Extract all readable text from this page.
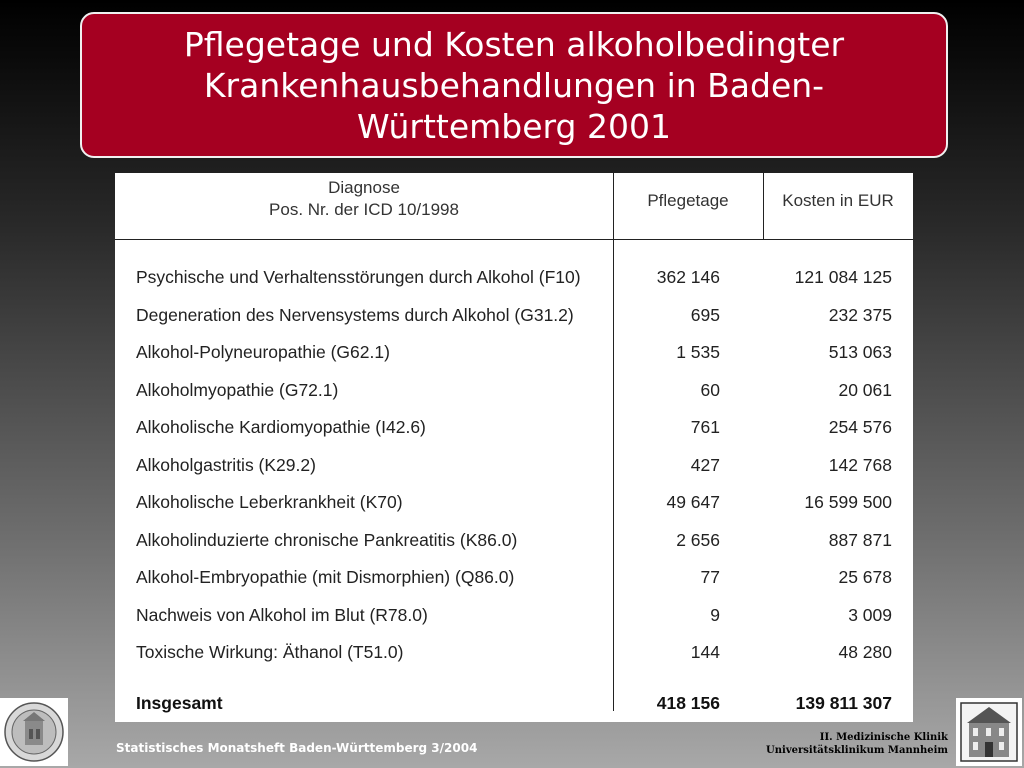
Pflegetage und Kosten alkoholbedingter Krankenhausbehandlungen in Baden-Württemberg 2001
Diagnose
Pos. Nr. der ICD 10/1998	Pflegetage	Kosten in EUR
Psychische und Verhaltensstörungen durch Alkohol (F10)	362 146	121 084 125
Degeneration des Nervensystems durch Alkohol (G31.2)	695	232 375
Alkohol-Polyneuropathie (G62.1)	1 535	513 063
Alkoholmyopathie (G72.1)	60	20 061
Alkoholische Kardiomyopathie (I42.6)	761	254 576
Alkoholgastritis (K29.2)	427	142 768
Alkoholische Leberkrankheit (K70)	49 647	16 599 500
Alkoholinduzierte chronische Pankreatitis (K86.0)	2 656	887 871
Alkohol-Embryopathie (mit Dismorphien) (Q86.0)	77	25 678
Nachweis von Alkohol im Blut (R78.0)	9	3 009
Toxische Wirkung: Äthanol (T51.0)	144	48 280
Insgesamt	418 156	139 811 307
Statistisches Monatsheft Baden-Württemberg 3/2004
II. Medizinische Klinik
Universitätsklinikum Mannheim
